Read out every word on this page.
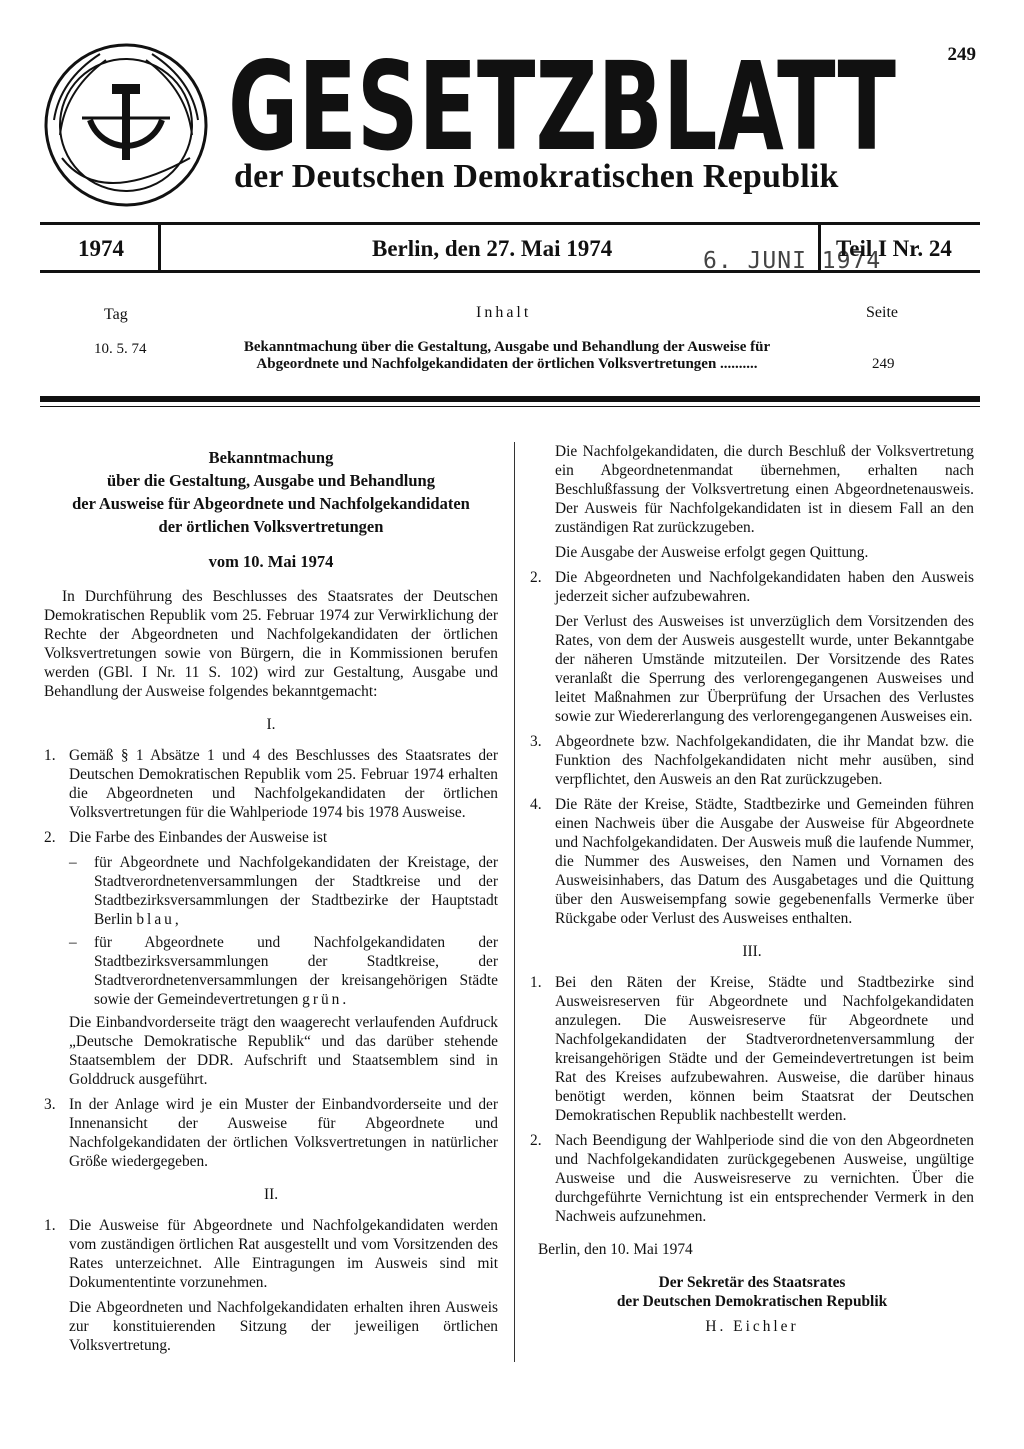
GESETZBLATT
der Deutschen Demokratischen Republik
249
1974	Berlin, den 27. Mai 1974	6. JUNI 1974
Teil I Nr. 24
Tag	Inhalt	Seite
10. 5. 74	Bekanntmachung über die Gestaltung, Ausgabe und Behandlung der Ausweise für
Abgeordnete und Nachfolgekandidaten der örtlichen Volksvertretungen ..........	249
Bekanntmachung
über die Gestaltung, Ausgabe und Behandlung
der Ausweise für Abgeordnete und Nachfolgekandidaten
der örtlichen Volksvertretungen
vom 10. Mai 1974

In Durchführung des Beschlusses des Staatsrates der Deutschen Demokratischen Republik vom 25. Februar 1974 zur Verwirklichung der Rechte der Abgeordneten und Nachfolgekandidaten der örtlichen Volksvertretungen sowie von Bürgern, die in Kommissionen berufen werden (GBl. I Nr. 11 S. 102) wird zur Gestaltung, Ausgabe und Behandlung der Ausweise folgendes bekanntgemacht:

I.
1. Gemäß § 1 Absätze 1 und 4 des Beschlusses des Staatsrates der Deutschen Demokratischen Republik vom 25. Februar 1974 erhalten die Abgeordneten und Nachfolgekandidaten der örtlichen Volksvertretungen für die Wahlperiode 1974 bis 1978 Ausweise.
2. Die Farbe des Einbandes der Ausweise ist
– für Abgeordnete und Nachfolgekandidaten der Kreistage, der Stadtverordnetenversammlungen der Stadtkreise und der Stadtbezirksversammlungen der Stadtbezirke der Hauptstadt Berlin blau,
– für Abgeordnete und Nachfolgekandidaten der Stadtbezirksversammlungen der Stadtkreise, der Stadtverordnetenversammlungen der kreisangehörigen Städte sowie der Gemeindevertretungen grün.

Die Einbandvorderseite trägt den waagerecht verlaufenden Aufdruck „Deutsche Demokratische Republik“ und das darüber stehende Staatsemblem der DDR. Aufschrift und Staatsemblem sind in Golddruck ausgeführt.

3. In der Anlage wird je ein Muster der Einbandvorderseite und der Innenansicht der Ausweise für Abgeordnete und Nachfolgekandidaten der örtlichen Volksvertretungen in natürlicher Größe wiedergegeben.
II.
1. Die Ausweise für Abgeordnete und Nachfolgekandidaten werden vom zuständigen örtlichen Rat ausgestellt und vom Vorsitzenden des Rates unterzeichnet. Alle Eintragungen im Ausweis sind mit Dokumententinte vorzunehmen.

Die Abgeordneten und Nachfolgekandidaten erhalten ihren Ausweis zur konstituierenden Sitzung der jeweiligen örtlichen Volksvertretung.

Die Nachfolgekandidaten, die durch Beschluß der Volksvertretung ein Abgeordnetenmandat übernehmen, erhalten nach Beschlußfassung der Volksvertretung einen Abgeordnetenausweis. Der Ausweis für Nachfolgekandidaten ist in diesem Fall an den zuständigen Rat zurückzugeben.

Die Ausgabe der Ausweise erfolgt gegen Quittung.

2. Die Abgeordneten und Nachfolgekandidaten haben den Ausweis jederzeit sicher aufzubewahren.

Der Verlust des Ausweises ist unverzüglich dem Vorsitzenden des Rates, von dem der Ausweis ausgestellt wurde, unter Bekanntgabe der näheren Umstände mitzuteilen. Der Vorsitzende des Rates veranlaßt die Sperrung des verlorengegangenen Ausweises und leitet Maßnahmen zur Überprüfung der Ursachen des Verlustes sowie zur Wiedererlangung des verlorengegangenen Ausweises ein.

3. Abgeordnete bzw. Nachfolgekandidaten, die ihr Mandat bzw. die Funktion des Nachfolgekandidaten nicht mehr ausüben, sind verpflichtet, den Ausweis an den Rat zurückzugeben.
4. Die Räte der Kreise, Städte, Stadtbezirke und Gemeinden führen einen Nachweis über die Ausgabe der Ausweise für Abgeordnete und Nachfolgekandidaten. Der Ausweis muß die laufende Nummer, die Nummer des Ausweises, den Namen und Vornamen des Ausweisinhabers, das Datum des Ausgabetages und die Quittung über den Ausweisempfang sowie gegebenenfalls Vermerke über Rückgabe oder Verlust des Ausweises enthalten.
III.
1. Bei den Räten der Kreise, Städte und Stadtbezirke sind Ausweisreserven für Abgeordnete und Nachfolgekandidaten anzulegen. Die Ausweisreserve für Abgeordnete und Nachfolgekandidaten der Stadtverordnetenversammlung der kreisangehörigen Städte und der Gemeindevertretungen ist beim Rat des Kreises aufzubewahren. Ausweise, die darüber hinaus benötigt werden, können beim Staatsrat der Deutschen Demokratischen Republik nachbestellt werden.
2. Nach Beendigung der Wahlperiode sind die von den Abgeordneten und Nachfolgekandidaten zurückgegebenen Ausweise, ungültige Ausweise und die Ausweisreserve zu vernichten. Über die durchgeführte Vernichtung ist ein entsprechender Vermerk in den Nachweis aufzunehmen.

Berlin, den 10. Mai 1974

Der Sekretär des Staatsrates
der Deutschen Demokratischen Republik
H. Eichler
